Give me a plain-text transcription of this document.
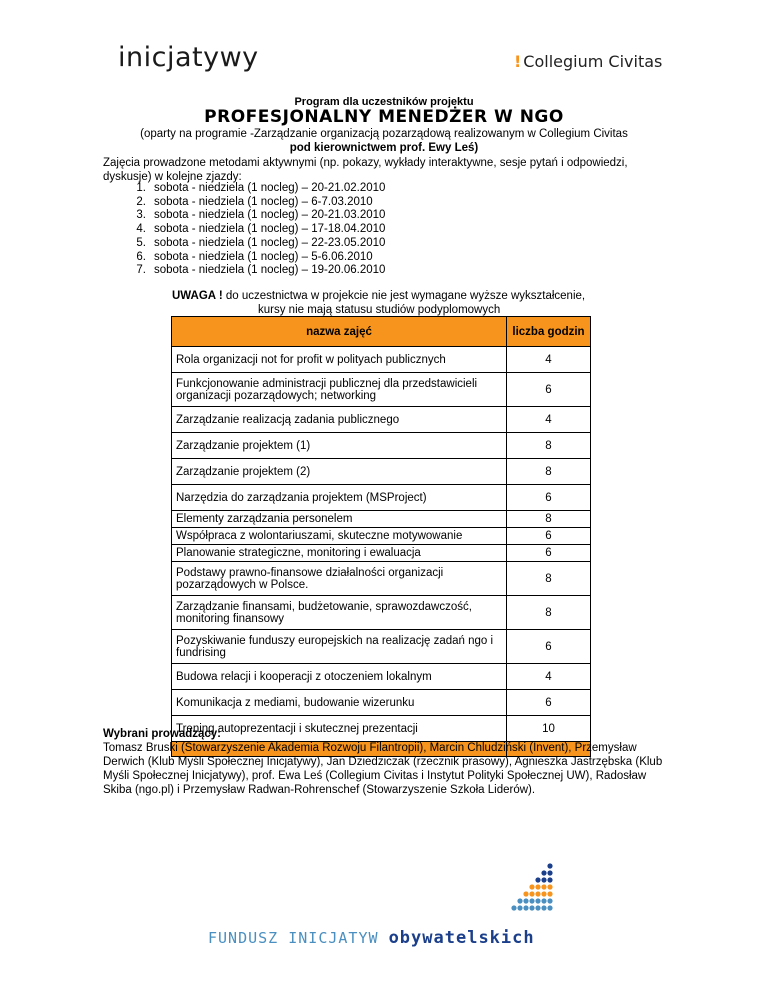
inicjatywy	! Collegium Civitas
Program dla uczestników projektu
PROFESJONALNY MENEDŻER W NGO
(oparty na programie -Zarządzanie organizacją pozarządową realizowanym w Collegium Civitas
pod kierownictwem prof. Ewy Leś)
Zajęcia prowadzone metodami aktywnymi (np. pokazy, wykłady interaktywne, sesje pytań i odpowiedzi, dyskusje) w kolejne zjazdy:
1. sobota - niedziela (1 nocleg) – 20-21.02.2010
2. sobota - niedziela (1 nocleg) – 6-7.03.2010
3. sobota - niedziela (1 nocleg) – 20-21.03.2010
4. sobota - niedziela (1 nocleg) – 17-18.04.2010
5. sobota - niedziela (1 nocleg) – 22-23.05.2010
6. sobota - niedziela (1 nocleg) – 5-6.06.2010
7. sobota - niedziela (1 nocleg) – 19-20.06.2010
UWAGA ! do uczestnictwa w projekcie nie jest wymagane wyższe wykształcenie,
kursy nie mają statusu studiów podyplomowych
nazwa zajęć	liczba godzin
Rola organizacji not for profit w polityach publicznych	4
Funkcjonowanie administracji publicznej dla przedstawicieli organizacji pozarządowych; networking	6
Zarządzanie realizacją zadania publicznego	4
Zarządzanie projektem (1)	8
Zarządzanie projektem (2)	8
Narzędzia do zarządzania projektem (MSProject)	6
Elementy zarządzania personelem	8
Współpraca z wolontariuszami, skuteczne motywowanie	6
Planowanie strategiczne, monitoring i ewaluacja	6
Podstawy prawno-finansowe działalności organizacji pozarządowych w Polsce.	8
Zarządzanie finansami, budżetowanie, sprawozdawczość, monitoring finansowy	8
Pozyskiwanie funduszy europejskich na realizację zadań ngo i fundrising	6
Budowa relacji i kooperacji z otoczeniem lokalnym	4
Komunikacja z mediami, budowanie wizerunku	6
Trening autoprezentacji i skutecznej prezentacji	10

Wybrani prowadzący:
Tomasz Bruski (Stowarzyszenie Akademia Rozwoju Filantropii), Marcin Chludziński (Invent), Przemysław Derwich (Klub Myśli Społecznej Inicjatywy), Jan Dziedziczak (rzecznik prasowy), Agnieszka Jastrzębska (Klub Myśli Społecznej Inicjatywy), prof. Ewa Leś (Collegium Civitas i Instytut Polityki Społecznej UW), Radosław Skiba (ngo.pl) i Przemysław Radwan-Rohrenschef (Stowarzyszenie Szkoła Liderów).
FUNDUSZ INICJATYW obywatelskich
